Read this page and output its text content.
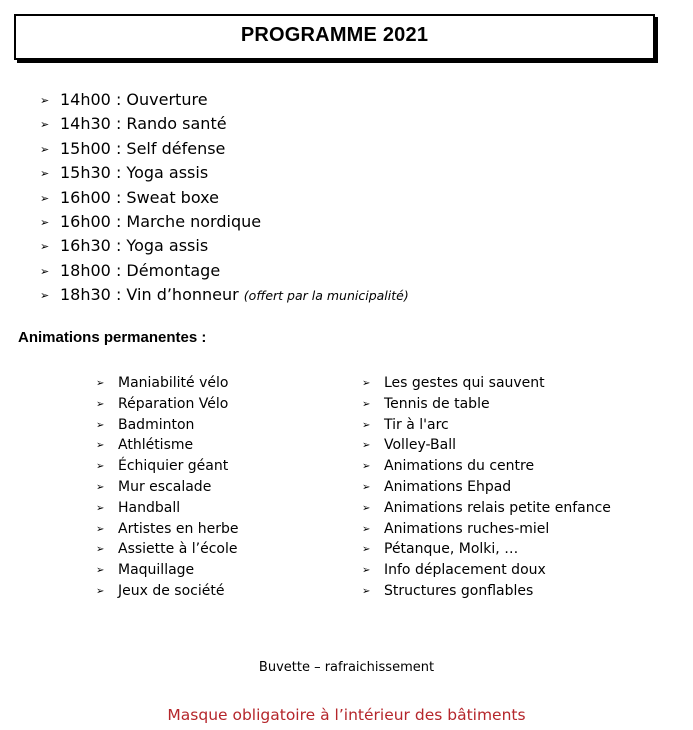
PROGRAMME 2021
➢ 14h00 : Ouverture
➢ 14h30 : Rando santé
➢ 15h00 : Self défense
➢ 15h30 : Yoga assis
➢ 16h00 : Sweat boxe
➢ 16h00 : Marche nordique
➢ 16h30 : Yoga assis
➢ 18h00 : Démontage
➢ 18h30 : Vin d’honneur (offert par la municipalité)
Animations permanentes :
➢ Maniabilité vélo
➢ Réparation Vélo
➢ Badminton
➢ Athlétisme
➢ Échiquier géant
➢ Mur escalade
➢ Handball
➢ Artistes en herbe
➢ Assiette à l’école
➢ Maquillage
➢ Jeux de société
➢ Les gestes qui sauvent
➢ Tennis de table
➢ Tir à l'arc
➢ Volley-Ball
➢ Animations du centre
➢ Animations Ehpad
➢ Animations relais petite enfance
➢ Animations ruches-miel
➢ Pétanque, Molki, …
➢ Info déplacement doux
➢ Structures gonflables
Buvette – rafraichissement
Masque obligatoire à l’intérieur des bâtiments
